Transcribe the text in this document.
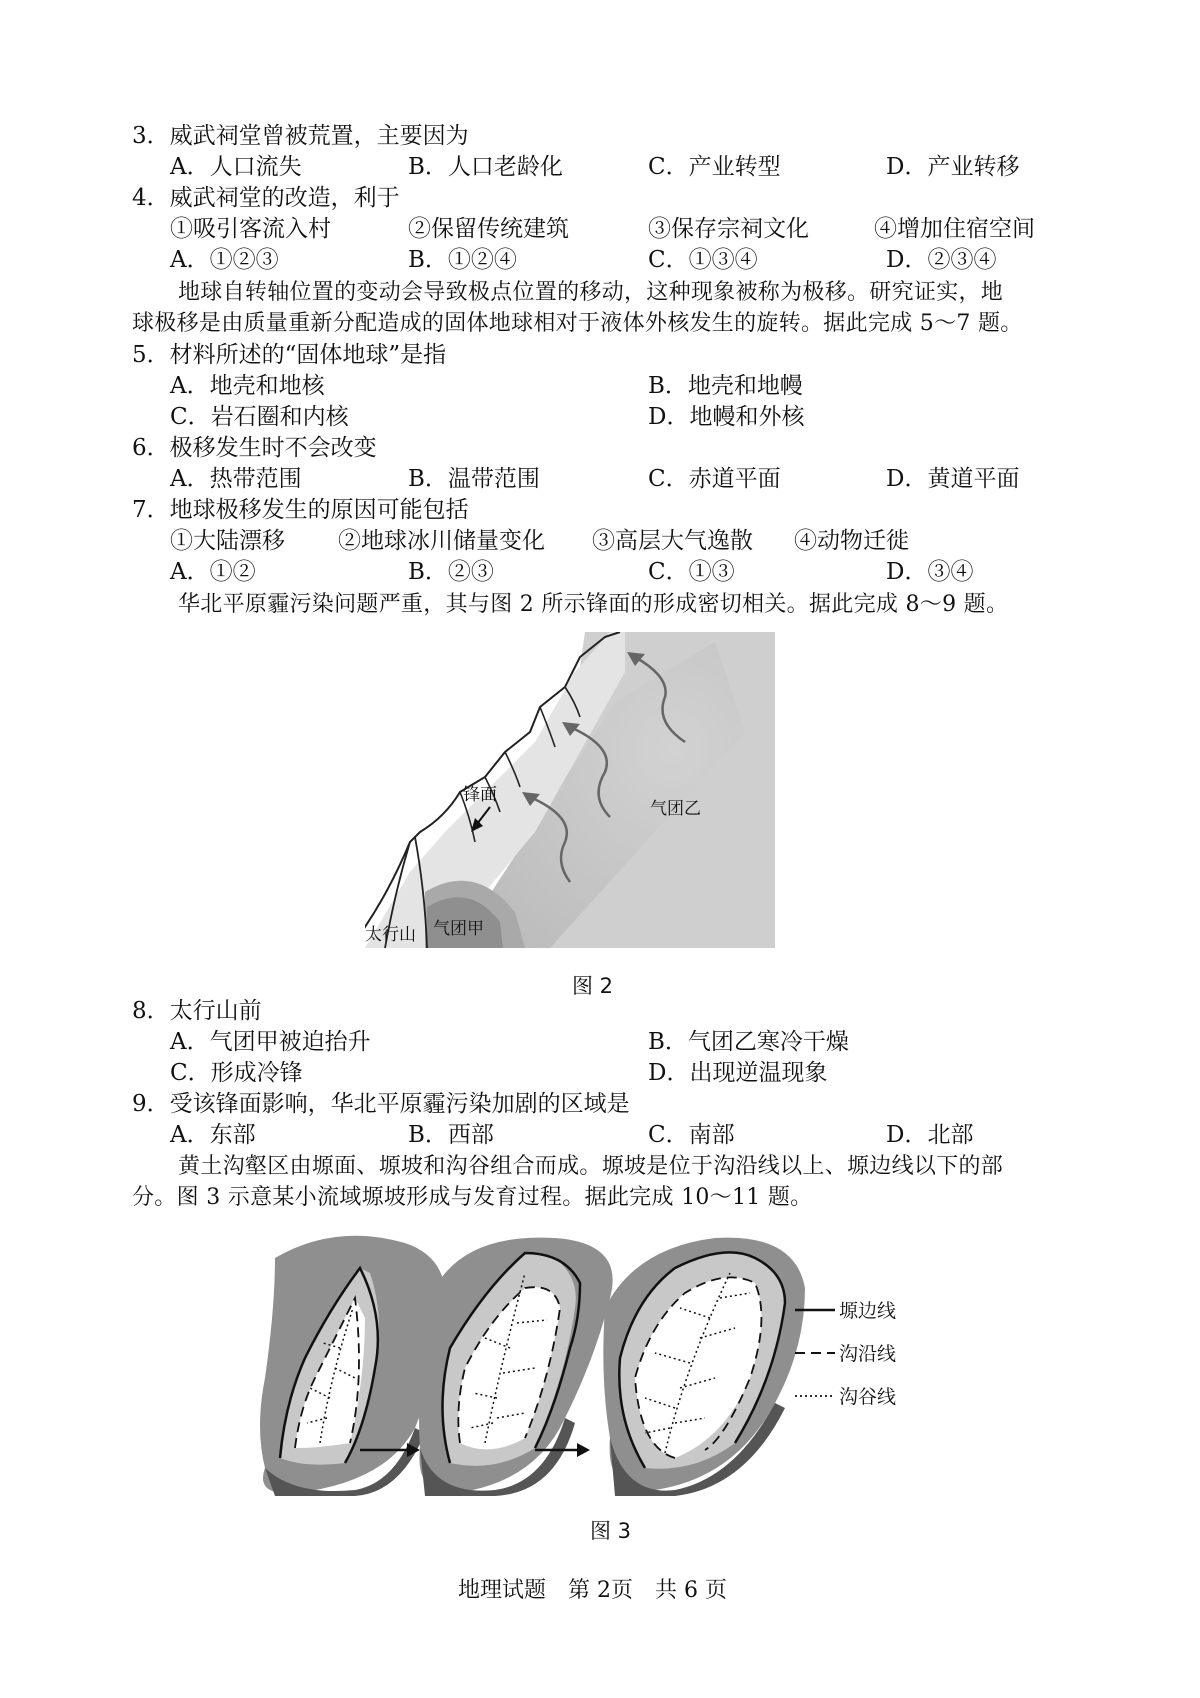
3．威武祠堂曾被荒置，主要因为
A．人口流失	B．人口老龄化	C．产业转型	D．产业转移
4．威武祠堂的改造，利于
①吸引客流入村	②保留传统建筑	③保存宗祠文化	④增加住宿空间
A．①②③	B．①②④	C．①③④	D．②③④
地球自转轴位置的变动会导致极点位置的移动，这种现象被称为极移。研究证实，地
球极移是由质量重新分配造成的固体地球相对于液体外核发生的旋转。据此完成 5～7 题。
5．材料所述的“固体地球”是指
A．地壳和地核	B．地壳和地幔
C．岩石圈和内核	D．地幔和外核
6．极移发生时不会改变
A．热带范围	B．温带范围	C．赤道平面	D．黄道平面
7．地球极移发生的原因可能包括
①大陆漂移 ②地球冰川储量变化 ③高层大气逸散 ④动物迁徙
A．①②	B．②③	C．①③	D．③④
华北平原霾污染问题严重，其与图 2 所示锋面的形成密切相关。据此完成 8～9 题。
锋面
气团乙
气团甲
太行山
图 2
8．太行山前
A．气团甲被迫抬升	B．气团乙寒冷干燥
C．形成冷锋	D．出现逆温现象
9．受该锋面影响，华北平原霾污染加剧的区域是
A．东部	B．西部	C．南部	D．北部
黄土沟壑区由塬面、塬坡和沟谷组合而成。塬坡是位于沟沿线以上、塬边线以下的部
分。图 3 示意某小流域塬坡形成与发育过程。据此完成 10～11 题。
塬边线
沟沿线
沟谷线
图 3
地理试题　第 2页　共 6 页
